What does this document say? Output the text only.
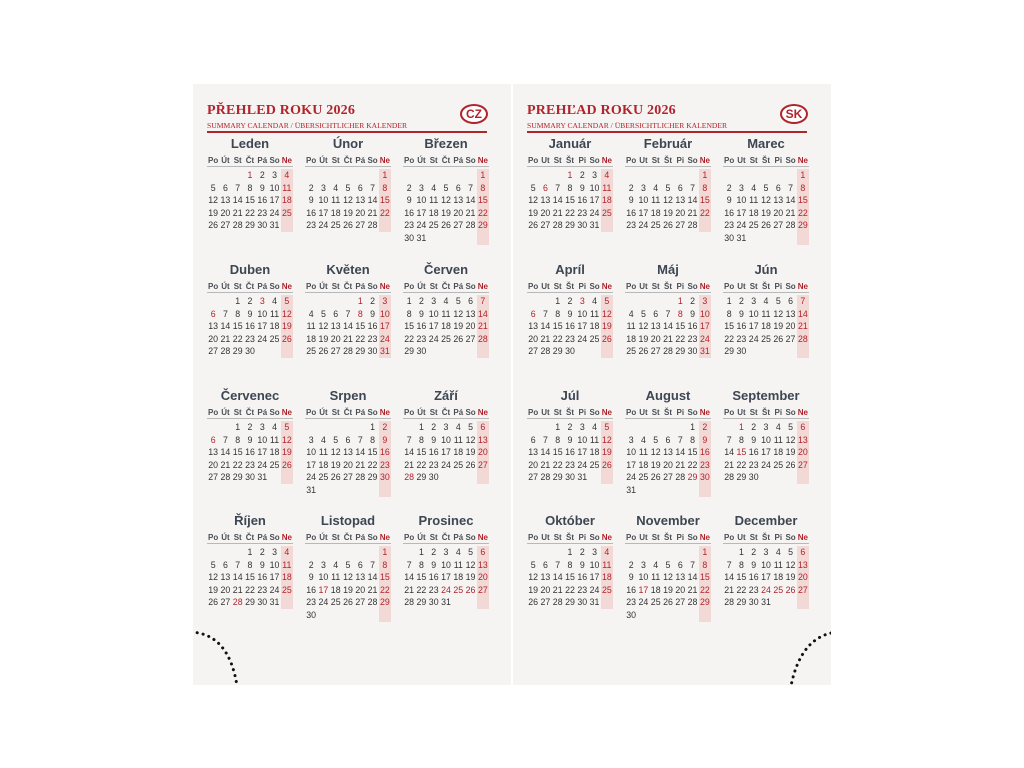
PŘEHLED ROKU 2026
SUMMARY CALENDAR / ÜBERSICHTLICHER KALENDER
CZ
Leden
Po Út St Čt Pá So Ne
1 2 3 4
5 6 7 8 9 10 11
12 13 14 15 16 17 18
19 20 21 22 23 24 25
26 27 28 29 30 31
Únor
Po Út St Čt Pá So Ne
1
2 3 4 5 6 7 8
9 10 11 12 13 14 15
16 17 18 19 20 21 22
23 24 25 26 27 28
Březen
Po Út St Čt Pá So Ne
1
2 3 4 5 6 7 8
9 10 11 12 13 14 15
16 17 18 19 20 21 22
23 24 25 26 27 28 29
30 31
Duben
Po Út St Čt Pá So Ne
1 2 3 4 5
6 7 8 9 10 11 12
13 14 15 16 17 18 19
20 21 22 23 24 25 26
27 28 29 30
Květen
Po Út St Čt Pá So Ne
1 2 3
4 5 6 7 8 9 10
11 12 13 14 15 16 17
18 19 20 21 22 23 24
25 26 27 28 29 30 31
Červen
Po Út St Čt Pá So Ne
1 2 3 4 5 6 7
8 9 10 11 12 13 14
15 16 17 18 19 20 21
22 23 24 25 26 27 28
29 30
Červenec
Po Út St Čt Pá So Ne
1 2 3 4 5
6 7 8 9 10 11 12
13 14 15 16 17 18 19
20 21 22 23 24 25 26
27 28 29 30 31
Srpen
Po Út St Čt Pá So Ne
1 2
3 4 5 6 7 8 9
10 11 12 13 14 15 16
17 18 19 20 21 22 23
24 25 26 27 28 29 30
31
Září
Po Út St Čt Pá So Ne
1 2 3 4 5 6
7 8 9 10 11 12 13
14 15 16 17 18 19 20
21 22 23 24 25 26 27
28 29 30
Říjen
Po Út St Čt Pá So Ne
1 2 3 4
5 6 7 8 9 10 11
12 13 14 15 16 17 18
19 20 21 22 23 24 25
26 27 28 29 30 31
Listopad
Po Út St Čt Pá So Ne
1
2 3 4 5 6 7 8
9 10 11 12 13 14 15
16 17 18 19 20 21 22
23 24 25 26 27 28 29
30
Prosinec
Po Út St Čt Pá So Ne
1 2 3 4 5 6
7 8 9 10 11 12 13
14 15 16 17 18 19 20
21 22 23 24 25 26 27
28 29 30 31
PREHĽAD ROKU 2026
SUMMARY CALENDAR / ÜBERSICHTLICHER KALENDER
SK
Január
Po Ut St Št Pi So Ne
1 2 3 4
5 6 7 8 9 10 11
12 13 14 15 16 17 18
19 20 21 22 23 24 25
26 27 28 29 30 31
Február
Po Ut St Št Pi So Ne
1
2 3 4 5 6 7 8
9 10 11 12 13 14 15
16 17 18 19 20 21 22
23 24 25 26 27 28
Marec
Po Ut St Št Pi So Ne
1
2 3 4 5 6 7 8
9 10 11 12 13 14 15
16 17 18 19 20 21 22
23 24 25 26 27 28 29
30 31
Apríl
Po Ut St Št Pi So Ne
1 2 3 4 5
6 7 8 9 10 11 12
13 14 15 16 17 18 19
20 21 22 23 24 25 26
27 28 29 30
Máj
Po Ut St Št Pi So Ne
1 2 3
4 5 6 7 8 9 10
11 12 13 14 15 16 17
18 19 20 21 22 23 24
25 26 27 28 29 30 31
Jún
Po Ut St Št Pi So Ne
1 2 3 4 5 6 7
8 9 10 11 12 13 14
15 16 17 18 19 20 21
22 23 24 25 26 27 28
29 30
Júl
Po Ut St Št Pi So Ne
1 2 3 4 5
6 7 8 9 10 11 12
13 14 15 16 17 18 19
20 21 22 23 24 25 26
27 28 29 30 31
August
Po Ut St Št Pi So Ne
1 2
3 4 5 6 7 8 9
10 11 12 13 14 15 16
17 18 19 20 21 22 23
24 25 26 27 28 29 30
31
September
Po Ut St Št Pi So Ne
1 2 3 4 5 6
7 8 9 10 11 12 13
14 15 16 17 18 19 20
21 22 23 24 25 26 27
28 29 30
Október
Po Ut St Št Pi So Ne
1 2 3 4
5 6 7 8 9 10 11
12 13 14 15 16 17 18
19 20 21 22 23 24 25
26 27 28 29 30 31
November
Po Ut St Št Pi So Ne
1
2 3 4 5 6 7 8
9 10 11 12 13 14 15
16 17 18 19 20 21 22
23 24 25 26 27 28 29
30
December
Po Ut St Št Pi So Ne
1 2 3 4 5 6
7 8 9 10 11 12 13
14 15 16 17 18 19 20
21 22 23 24 25 26 27
28 29 30 31
